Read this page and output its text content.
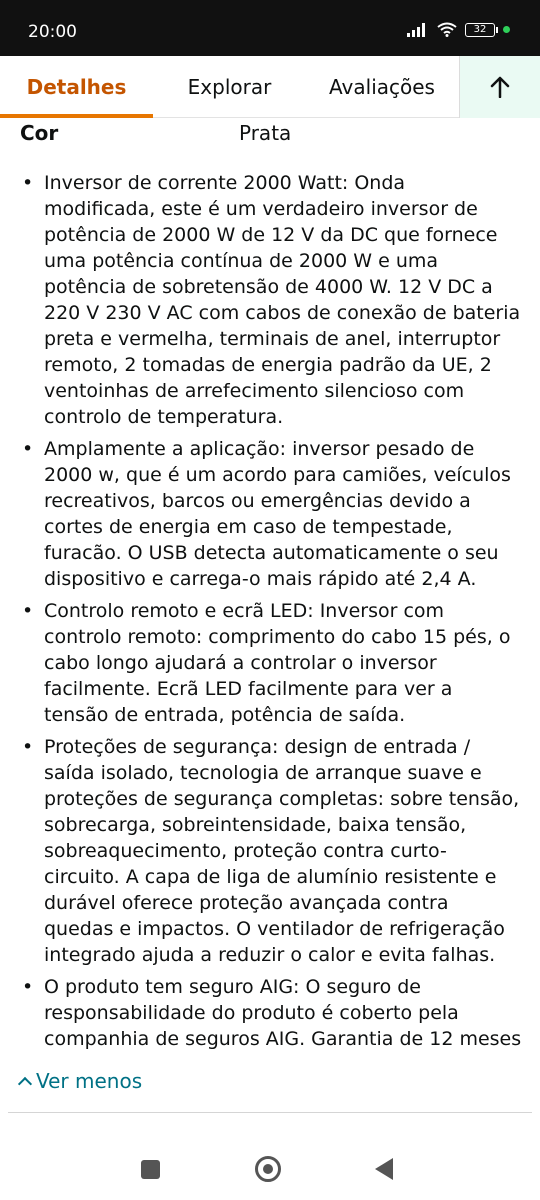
20:00	32
Detalhes	Explorar	Avaliações
Cor	Prata
• Inversor de corrente 2000 Watt: Onda modificada, este é um verdadeiro inversor de potência de 2000 W de 12 V da DC que fornece uma potência contínua de 2000 W e uma potência de sobretensão de 4000 W. 12 V DC a 220 V 230 V AC com cabos de conexão de bateria preta e vermelha, terminais de anel, interruptor remoto, 2 tomadas de energia padrão da UE, 2 ventoinhas de arrefecimento silencioso com controlo de temperatura.
• Amplamente a aplicação: inversor pesado de 2000 w, que é um acordo para camiões, veículos recreativos, barcos ou emergências devido a cortes de energia em caso de tempestade, furacão. O USB detecta automaticamente o seu dispositivo e carrega-o mais rápido até 2,4 A.
• Controlo remoto e ecrã LED: Inversor com controlo remoto: comprimento do cabo 15 pés, o cabo longo ajudará a controlar o inversor facilmente. Ecrã LED facilmente para ver a tensão de entrada, potência de saída.
• Proteções de segurança: design de entrada / saída isolado, tecnologia de arranque suave e proteções de segurança completas: sobre tensão, sobrecarga, sobreintensidade, baixa tensão, sobreaquecimento, proteção contra curto-circuito. A capa de liga de alumínio resistente e durável oferece proteção avançada contra quedas e impactos. O ventilador de refrigeração integrado ajuda a reduzir o calor e evita falhas.
• O produto tem seguro AIG: O seguro de responsabilidade do produto é coberto pela companhia de seguros AIG. Garantia de 12 meses
Ver menos
